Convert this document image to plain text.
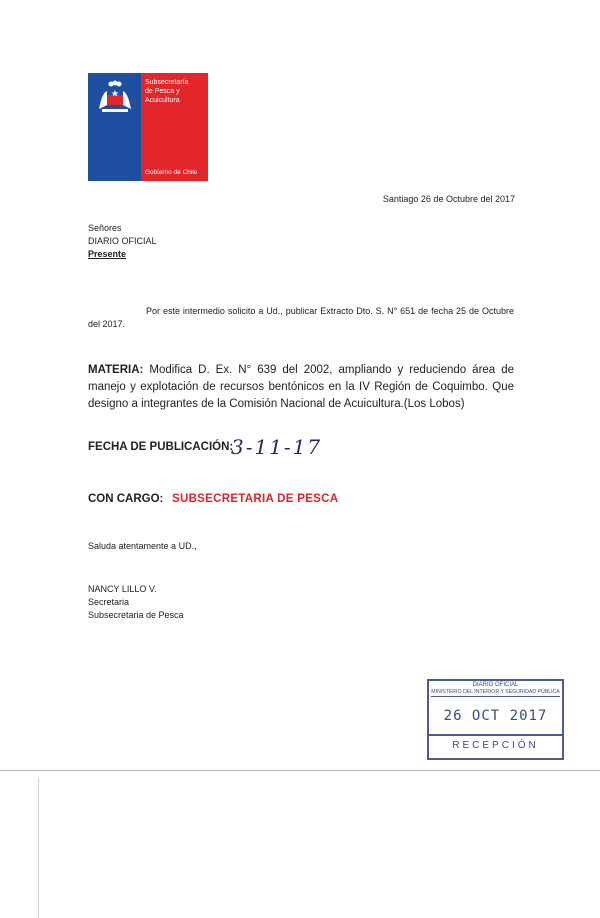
Subsecretaría
de Pesca y
Acuicultura
Gobierno de Chile
Santiago 26 de Octubre del 2017
Señores
DIARIO OFICIAL
Presente
Por este intermedio solicito a Ud., publicar Extracto Dto. S. N° 651 de fecha 25 de Octubre del 2017.
MATERIA: Modifica D. Ex. N° 639 del 2002, ampliando y reduciendo área de manejo y explotación de recursos bentónicos en la IV Región de Coquimbo. Que designo a integrantes de la Comisión Nacional de Acuicultura.(Los Lobos)
FECHA DE PUBLICACIÓN:
3-11-17
CON CARGO: SUBSECRETARIA DE PESCA
Saluda atentamente a UD.,
NANCY LILLO V.
Secretaria
Subsecretaria de Pesca
DIARIO OFICIAL
MINISTERIO DEL INTERIOR Y SEGURIDAD PÚBLICA
26 OCT 2017
RECEPCIÓN
